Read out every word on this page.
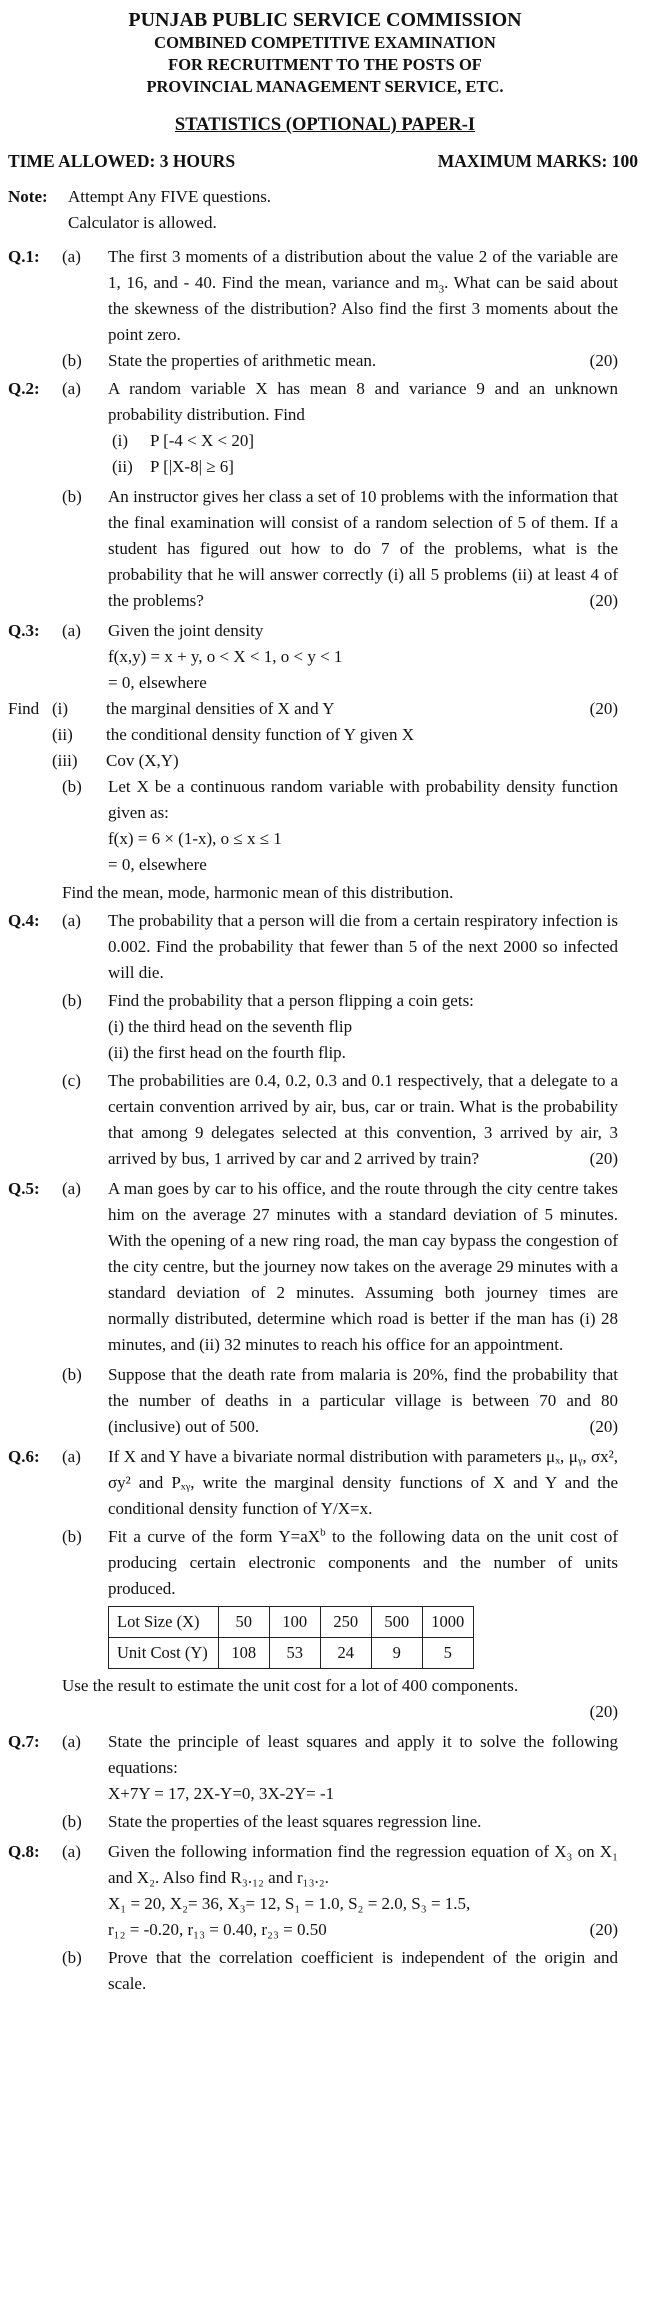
PUNJAB PUBLIC SERVICE COMMISSION
COMBINED COMPETITIVE EXAMINATION
FOR RECRUITMENT TO THE POSTS OF
PROVINCIAL MANAGEMENT SERVICE, ETC.
STATISTICS (OPTIONAL) PAPER-I
TIME ALLOWED: 3 HOURS	MAXIMUM MARKS: 100
Note: Attempt Any FIVE questions.
Calculator is allowed.
Q.1:	(a) The first 3 moments of a distribution about the value 2 of the variable are 1, 16, and - 40. Find the mean, variance and $m_3$. What can be said about the skewness of the distribution? Also find the first 3 moments about the point zero.
(b) State the properties of arithmetic mean.	(20)
Q.2:	(a) A random variable X has mean 8 and variance 9 and an unknown probability distribution. Find
(i) P [-4 < X < 20]
(ii) P [|X-8| ≥ 6]
(b) An instructor gives her class a set of 10 problems with the information that the final examination will consist of a random selection of 5 of them. If a student has figured out how to do 7 of the problems, what is the probability that he will answer correctly (i) all 5 problems (ii) at least 4 of the problems?	(20)
Q.3:	(a) Given the joint density
f(x,y) = x + y, o < X < 1, o < y < 1
= 0, elsewhere
Find (i) the marginal densities of X and Y	(20)
(ii) the conditional density function of Y given X
(iii) Cov (X,Y)
(b) Let X be a continuous random variable with probability density function given as:
f(x) = 6 × (1-x), o ≤ x ≤ 1
= 0, elsewhere
Find the mean, mode, harmonic mean of this distribution.
Q.4:	(a) The probability that a person will die from a certain respiratory infection is 0.002. Find the probability that fewer than 5 of the next 2000 so infected will die.
(b) Find the probability that a person flipping a coin gets:
(i) the third head on the seventh flip
(ii) the first head on the fourth flip.
(c) The probabilities are 0.4, 0.2, 0.3 and 0.1 respectively, that a delegate to a certain convention arrived by air, bus, car or train. What is the probability that among 9 delegates selected at this convention, 3 arrived by air, 3 arrived by bus, 1 arrived by car and 2 arrived by train?	(20)
Q.5:	(a) A man goes by car to his office, and the route through the city centre takes him on the average 27 minutes with a standard deviation of 5 minutes. With the opening of a new ring road, the man cay bypass the congestion of the city centre, but the journey now takes on the average 29 minutes with a standard deviation of 2 minutes. Assuming both journey times are normally distributed, determine which road is better if the man has (i) 28 minutes, and (ii) 32 minutes to reach his office for an appointment.
(b) Suppose that the death rate from malaria is 20%, find the probability that the number of deaths in a particular village is between 70 and 80 (inclusive) out of 500.	(20)
Q.6:	(a) If X and Y have a bivariate normal distribution with parameters μₓ, μᵧ, σx², σy² and Pₓᵧ, write the marginal density functions of X and Y and the conditional density function of Y/X=x.
(b) Fit a curve of the form $Y=aX^b$ to the following data on the unit cost of producing certain electronic components and the number of units produced.
Lot Size (X)	50	100	250	500	1000
Unit Cost (Y)	108	53	24	9	5
Use the result to estimate the unit cost for a lot of 400 components.
(20)
Q.7:	(a) State the principle of least squares and apply it to solve the following equations:
X+7Y = 17, 2X-Y=0, 3X-2Y= -1
(b) State the properties of the least squares regression line.
Q.8:	(a) Given the following information find the regression equation of X₃ on X₁ and X₂. Also find R₃.₁₂ and r₁₃.₂.
X₁ = 20, X₂= 36, X₃= 12, S₁ = 1.0, S₂ = 2.0, S₃ = 1.5,
r₁₂ = -0.20, r₁₃ = 0.40, r₂₃ = 0.50	(20)
(b) Prove that the correlation coefficient is independent of the origin and scale.
